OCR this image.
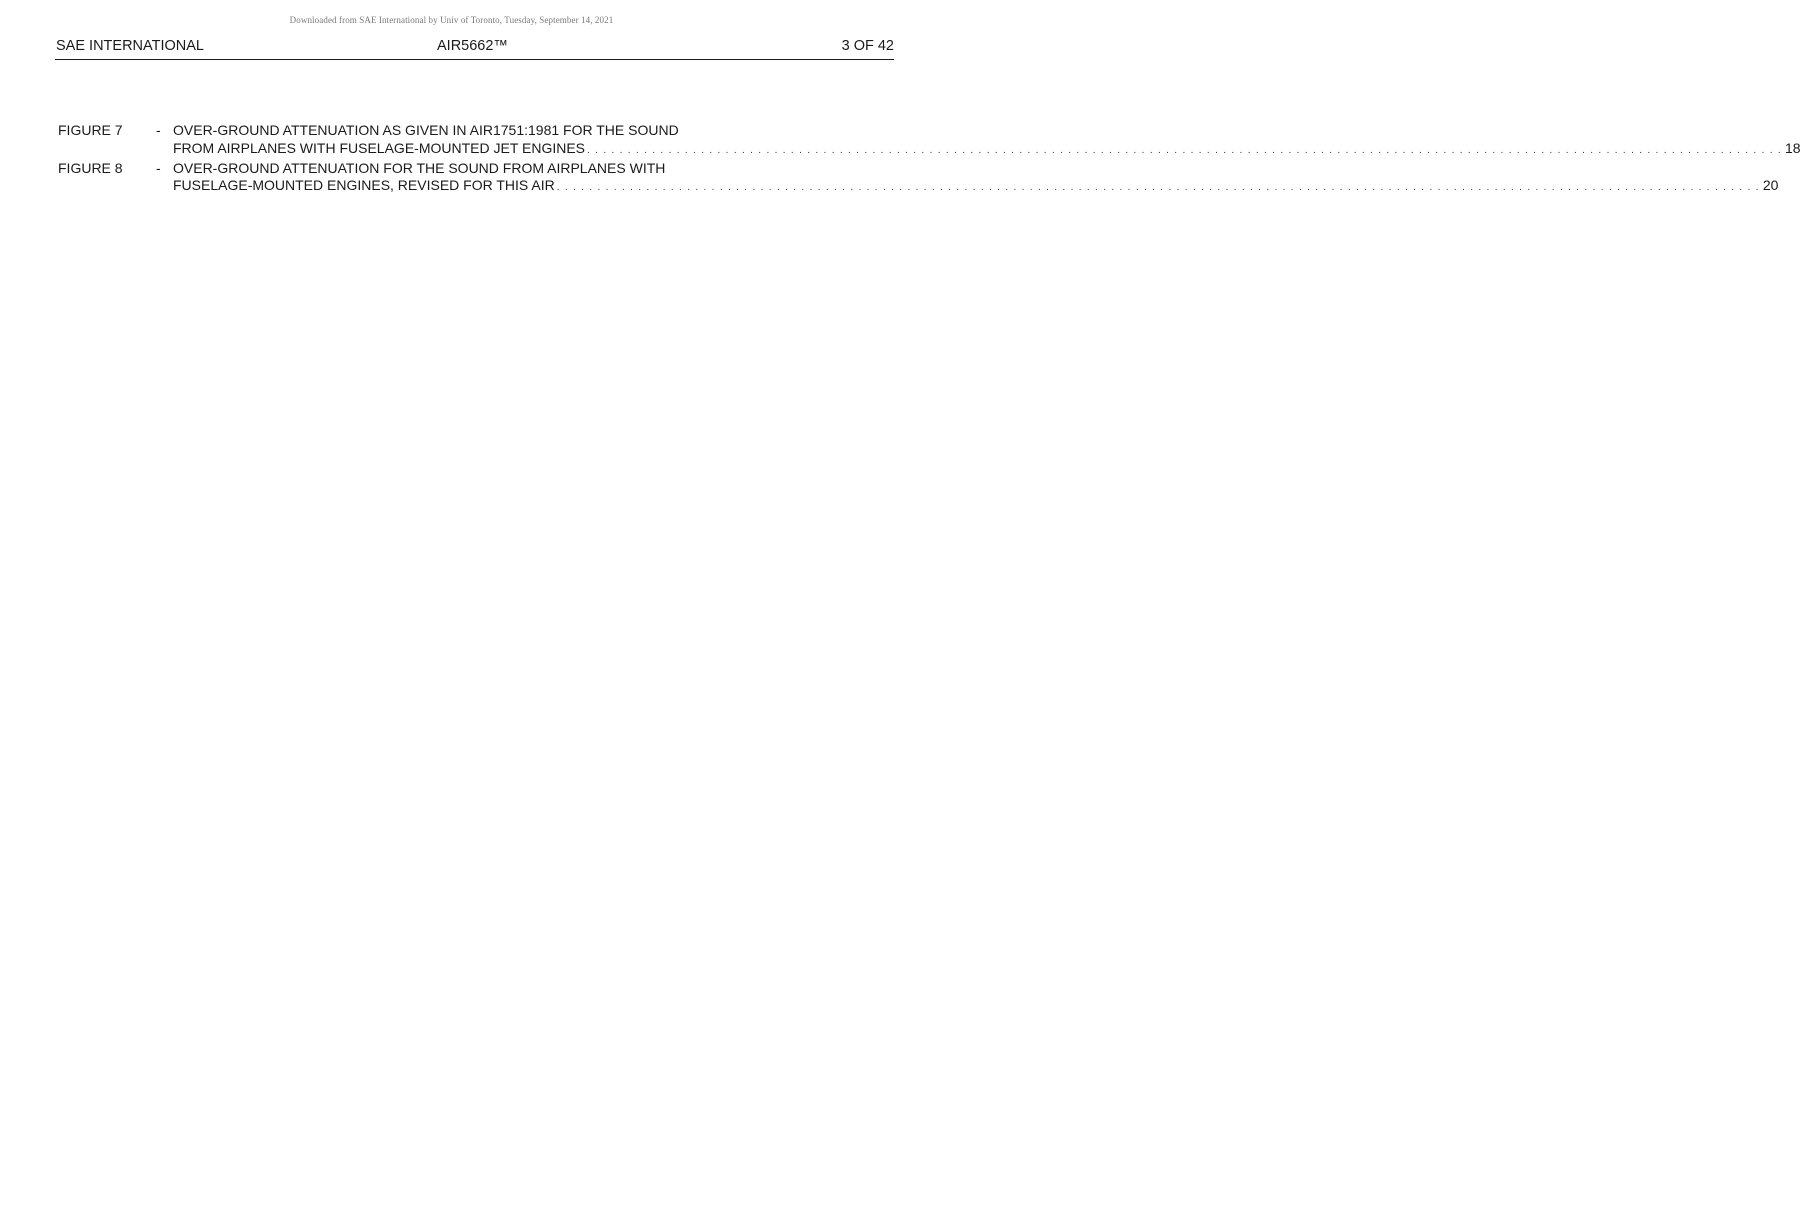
Downloaded from SAE International by Univ of Toronto, Tuesday, September 14, 2021
SAE INTERNATIONAL	AIR5662™	3 OF 42
FIGURE 7	- OVER-GROUND ATTENUATION AS GIVEN IN AIR1751:1981 FOR THE SOUND
FROM AIRPLANES WITH FUSELAGE-MOUNTED JET ENGINES . . . . . . . . . . . . . . . . . . . . . . . . . . . . . . . . . . . . . . . . . . . . . . . . . . . . . . . . . . . . . . . . . . . . . . . . . . . . . . . . . . . . . . . . . . . . . . . . . . . . . . . . . . . . . . . . . . . . . . . . . . . . . . . . . . . . . . . . . . . . . . . . . . . 18
FIGURE 8	- OVER-GROUND ATTENUATION FOR THE SOUND FROM AIRPLANES WITH
FUSELAGE-MOUNTED ENGINES, REVISED FOR THIS AIR . . . . . . . . . . . . . . . . . . . . . . . . . . . . . . . . . . . . . . . . . . . . . . . . . . . . . . . . . . . . . . . . . . . . . . . . . . . . . . . . . . . . . . . . . . . . . . . . . . . . . . . . . . . . . . . . . . . . . . . . . . . . . . . . . . . . . . . . . . . . . . . . . . . . 20
